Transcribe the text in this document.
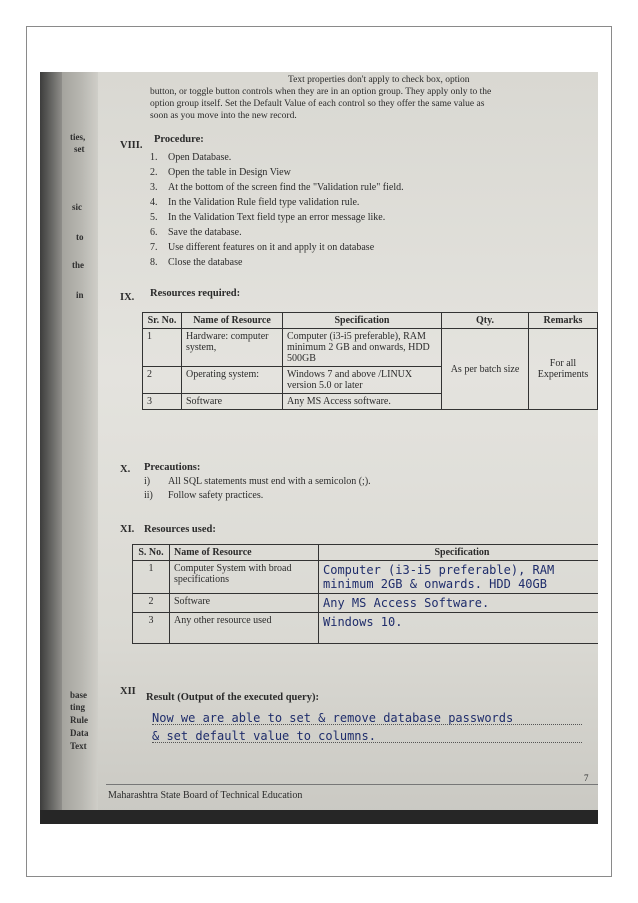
ties,
set
sic
to
the
in
base
ting
Rule
Data
Text
Text properties don't apply to check box, option
button, or toggle button controls when they are in an option group. They apply only to the
option group itself. Set the Default Value of each control so they offer the same value as
soon as you move into the new record.
VIII.
Procedure:
1. Open Database.
2. Open the table in Design View
3. At the bottom of the screen find the "Validation rule" field.
4. In the Validation Rule field type validation rule.
5. In the Validation Text field type an error message like.
6. Save the database.
7. Use different features on it and apply it on database
8. Close the database
IX. Resources required:
Sr. No.	Name of Resource	Specification	Qty.	Remarks
1	Hardware: computer system,	Computer (i3-i5 preferable), RAM minimum 2 GB and onwards, HDD 500GB	As per batch size	For all Experiments
2	Operating system:	Windows 7 and above /LINUX version 5.0 or later		
3	Software	Any MS Access software.		
X. Precautions:
i) All SQL statements must end with a semicolon (;).
ii) Follow safety practices.
XI. Resources used:
S. No.	Name of Resource	Specification
1	Computer System with broad specifications	Computer (i3-i5 preferable), RAM minimum 2GB & onwards. HDD 40GB
2	Software	Any MS Access Software.
3	Any other resource used	Windows 10.
XII
Result (Output of the executed query):
Now we are able to set & remove database passwords
& set default value to columns.
7
Maharashtra State Board of Technical Education
